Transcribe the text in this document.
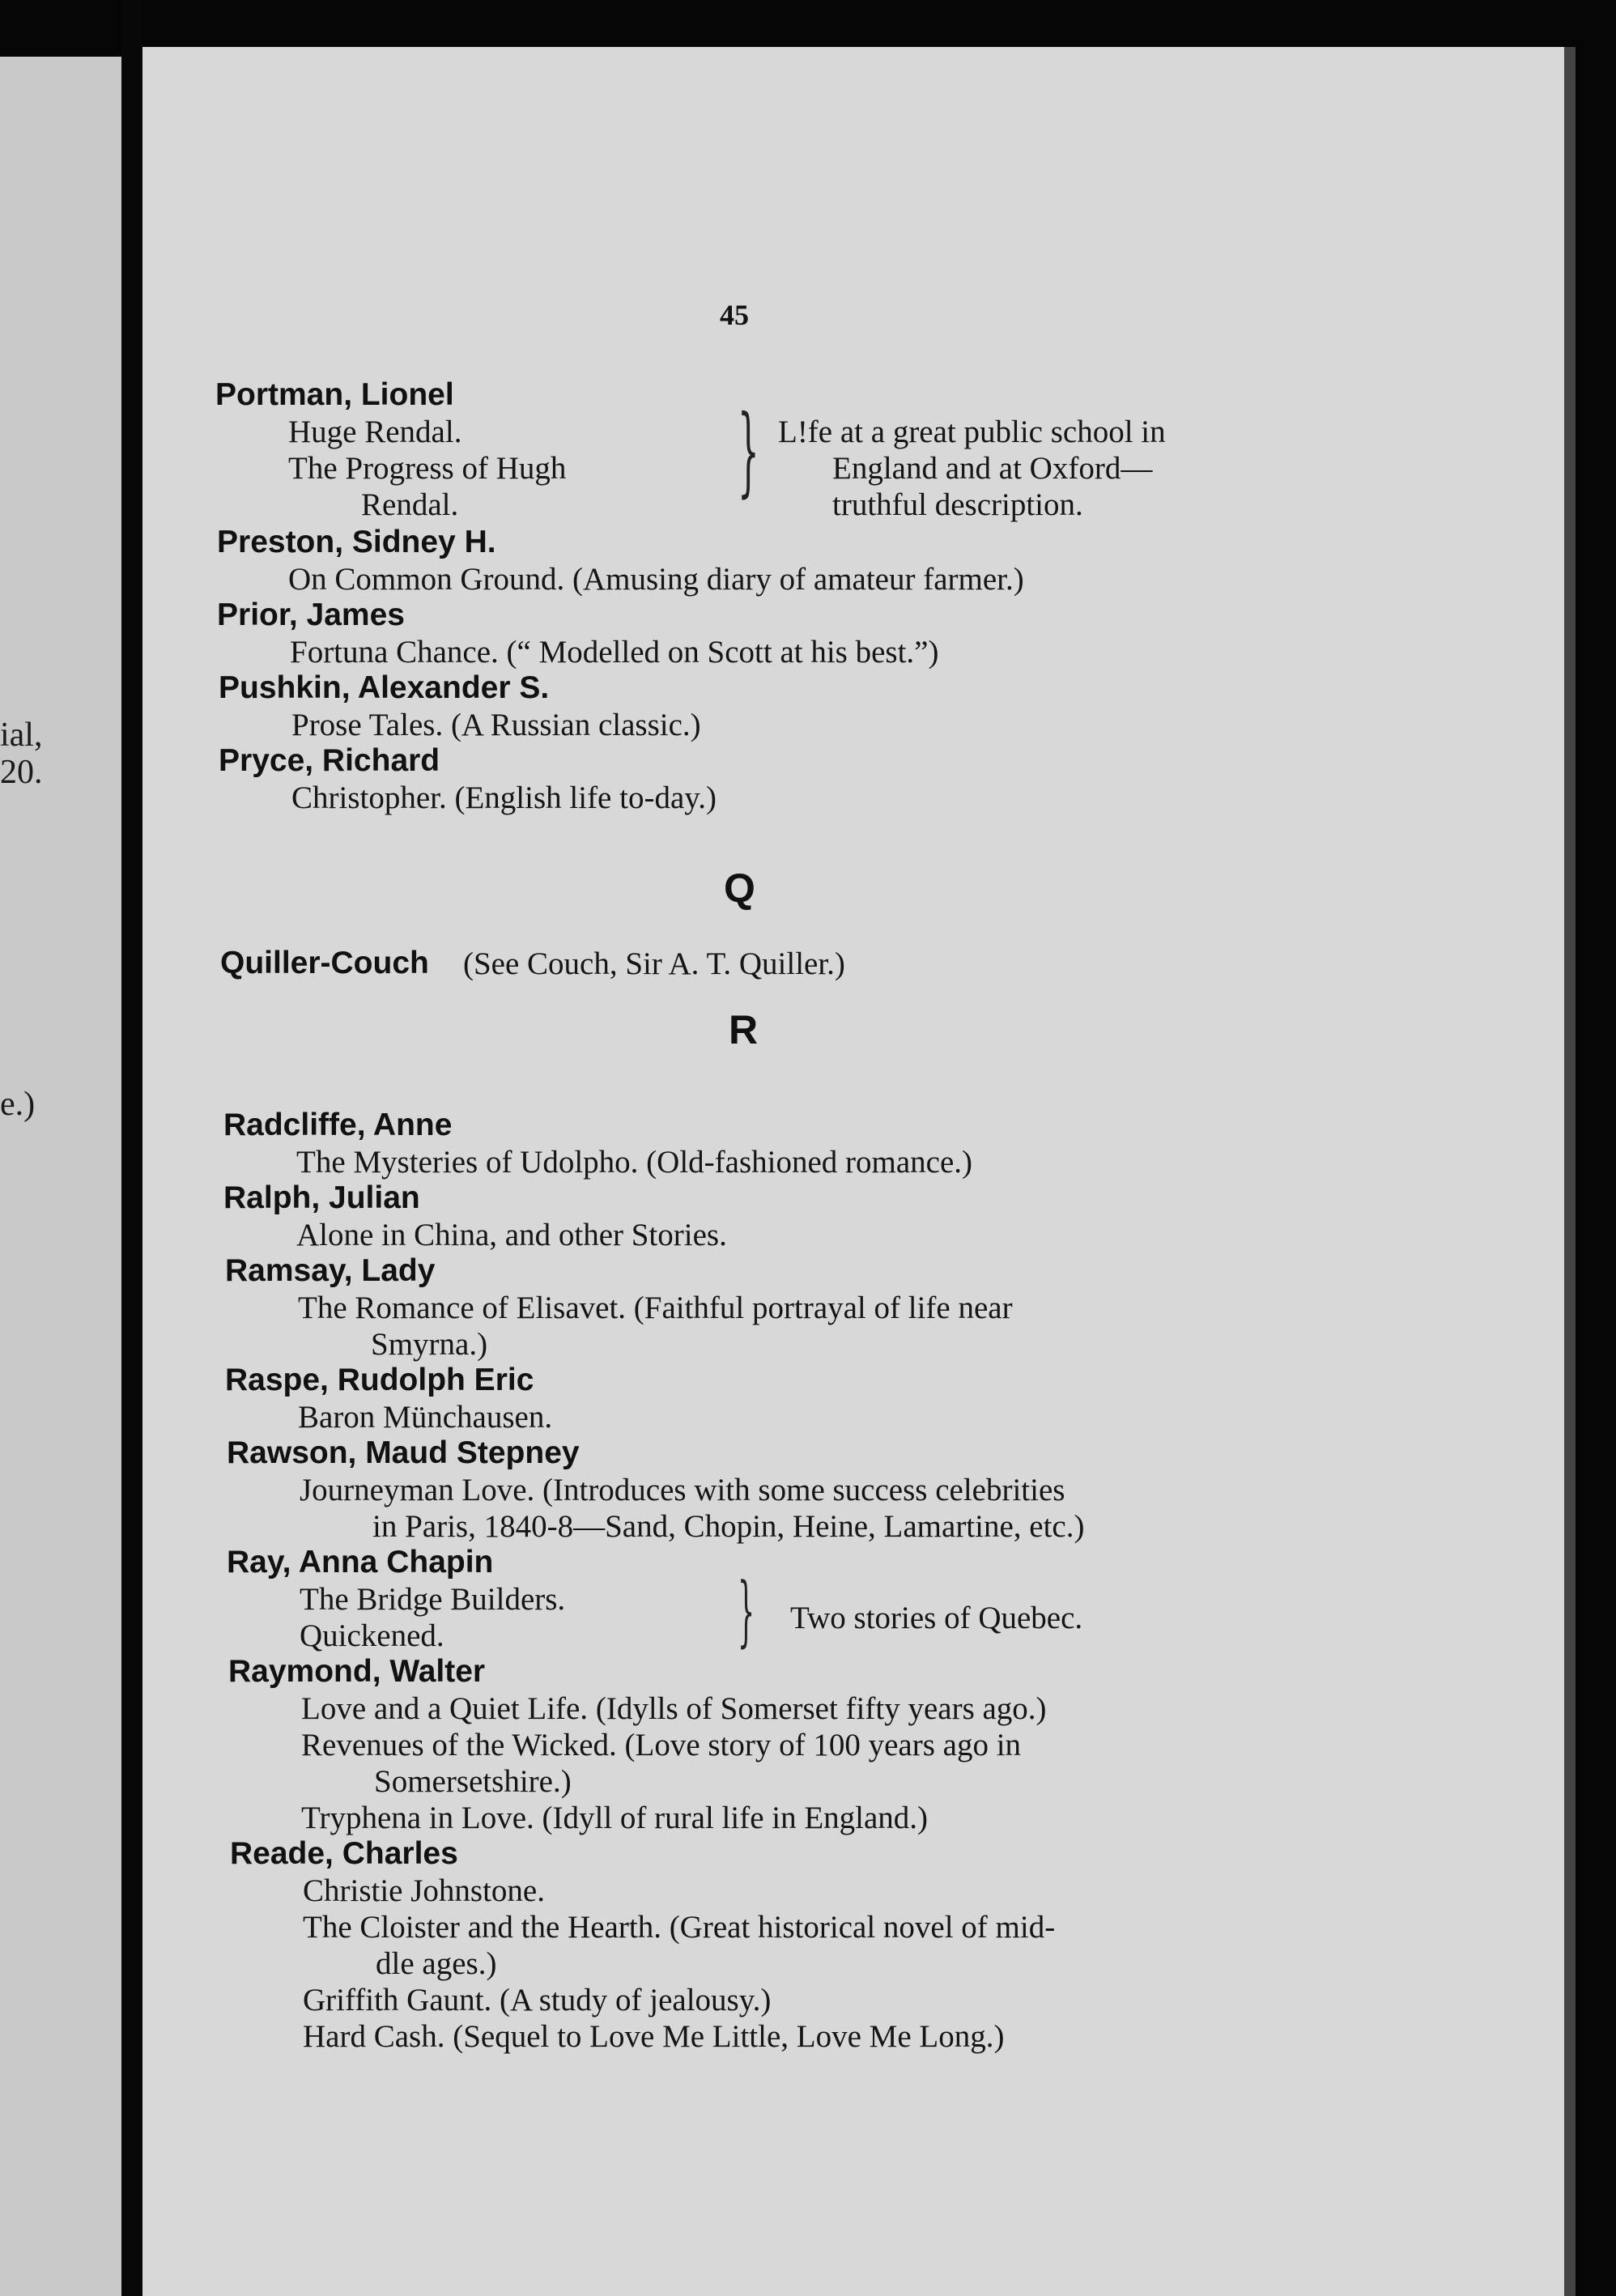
ial,
20.
e.)
45
Portman, Lionel
Huge Rendal.
The Progress of Hugh
Rendal.	} L!fe at a great public school in
England and at Oxford—
truthful description.
Preston, Sidney H.
On Common Ground. (Amusing diary of amateur farmer.)
Prior, James
Fortuna Chance. (“ Modelled on Scott at his best.”)
Pushkin, Alexander S.
Prose Tales. (A Russian classic.)
Pryce, Richard
Christopher. (English life to-day.)
Q
Quiller-Couch (See Couch, Sir A. T. Quiller.)
R
Radcliffe, Anne
The Mysteries of Udolpho. (Old-fashioned romance.)
Ralph, Julian
Alone in China, and other Stories.
Ramsay, Lady
The Romance of Elisavet. (Faithful portrayal of life near
Smyrna.)
Raspe, Rudolph Eric
Baron Münchausen.
Rawson, Maud Stepney
Journeyman Love. (Introduces with some success celebrities
in Paris, 1840-8—Sand, Chopin, Heine, Lamartine, etc.)
Ray, Anna Chapin
The Bridge Builders.
Quickened.	} Two stories of Quebec.
Raymond, Walter
Love and a Quiet Life. (Idylls of Somerset fifty years ago.)
Revenues of the Wicked. (Love story of 100 years ago in
Somersetshire.)
Tryphena in Love. (Idyll of rural life in England.)
Reade, Charles
Christie Johnstone.
The Cloister and the Hearth. (Great historical novel of mid-
dle ages.)
Griffith Gaunt. (A study of jealousy.)
Hard Cash. (Sequel to Love Me Little, Love Me Long.)
